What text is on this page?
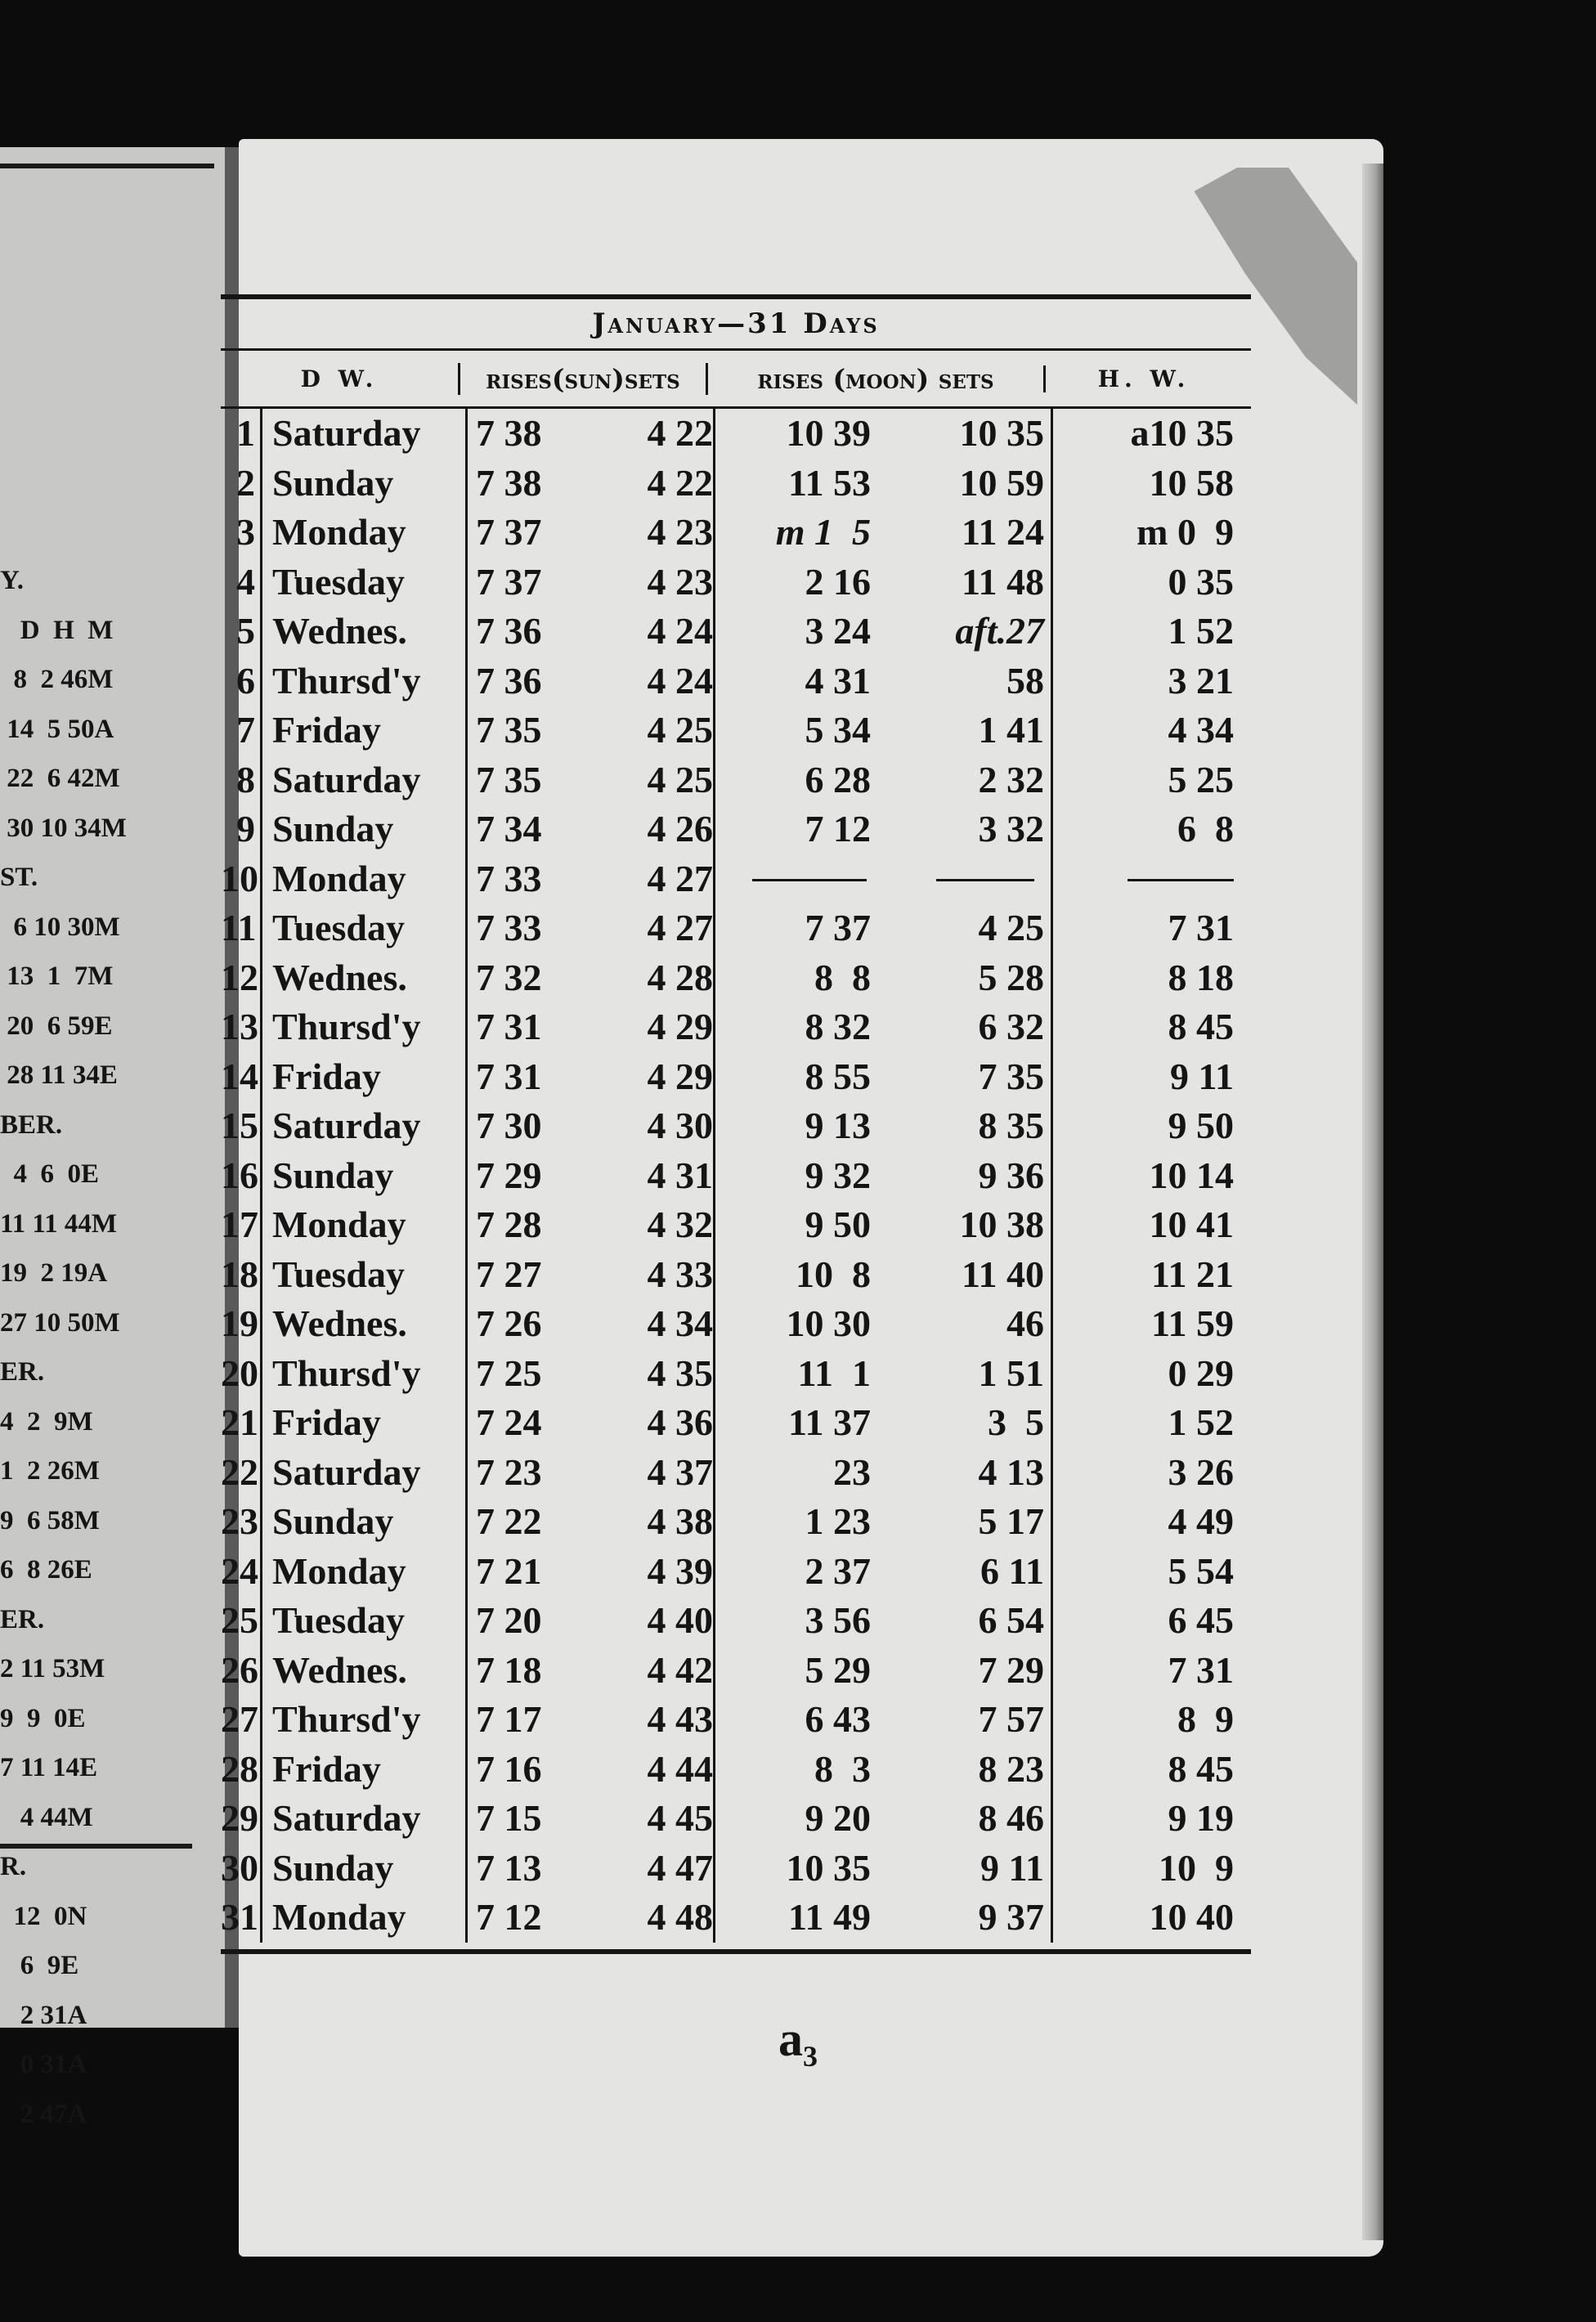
Y.
D  H  M
8  2 46M
14  5 50A
22  6 42M
30 10 34M
ST.
6 10 30M
13  1  7M
20  6 59E
28 11 34E
BER.
4  6  0E
11 11 44M
19  2 19A
27 10 50M
ER.
4  2  9M
1  2 26M
9  6 58M
6  8 26E
ER.
2 11 53M
9  9  0E
7 11 14E
4 44M
R.
12  0N
6  9E
2 31A
0 31A
2 47A
January—31 Days
D W.	rises(sun)sets	rises (moon) sets	H. W.
1 Saturday	7 38	4 22	10 39	10 35	a10 35
2 Sunday	7 38	4 22	11 53	10 59	10 58
3 Monday	7 37	4 23	m 1  5	11 24	m 0  9
4 Tuesday	7 37	4 23	2 16	11 48	0 35
5 Wednes.	7 36	4 24	3 24	aft.27	1 52
6 Thursd'y	7 36	4 24	4 31	58	3 21
7 Friday	7 35	4 25	5 34	1 41	4 34
8 Saturday	7 35	4 25	6 28	2 32	5 25
9 Sunday	7 34	4 26	7 12	3 32	6  8
10 Monday	7 33	4 27
11 Tuesday	7 33	4 27	7 37	4 25	7 31
12 Wednes.	7 32	4 28	8  8	5 28	8 18
13 Thursd'y	7 31	4 29	8 32	6 32	8 45
14 Friday	7 31	4 29	8 55	7 35	9 11
15 Saturday	7 30	4 30	9 13	8 35	9 50
16 Sunday	7 29	4 31	9 32	9 36	10 14
17 Monday	7 28	4 32	9 50	10 38	10 41
18 Tuesday	7 27	4 33	10  8	11 40	11 21
19 Wednes.	7 26	4 34	10 30	46	11 59
20 Thursd'y	7 25	4 35	11  1	1 51	0 29
21 Friday	7 24	4 36	11 37	3  5	1 52
22 Saturday	7 23	4 37	23	4 13	3 26
23 Sunday	7 22	4 38	1 23	5 17	4 49
24 Monday	7 21	4 39	2 37	6 11	5 54
25 Tuesday	7 20	4 40	3 56	6 54	6 45
26 Wednes.	7 18	4 42	5 29	7 29	7 31
27 Thursd'y	7 17	4 43	6 43	7 57	8  9
28 Friday	7 16	4 44	8  3	8 23	8 45
29 Saturday	7 15	4 45	9 20	8 46	9 19
30 Sunday	7 13	4 47	10 35	9 11	10  9
31 Monday	7 12	4 48	11 49	9 37	10 40
$a_3$
